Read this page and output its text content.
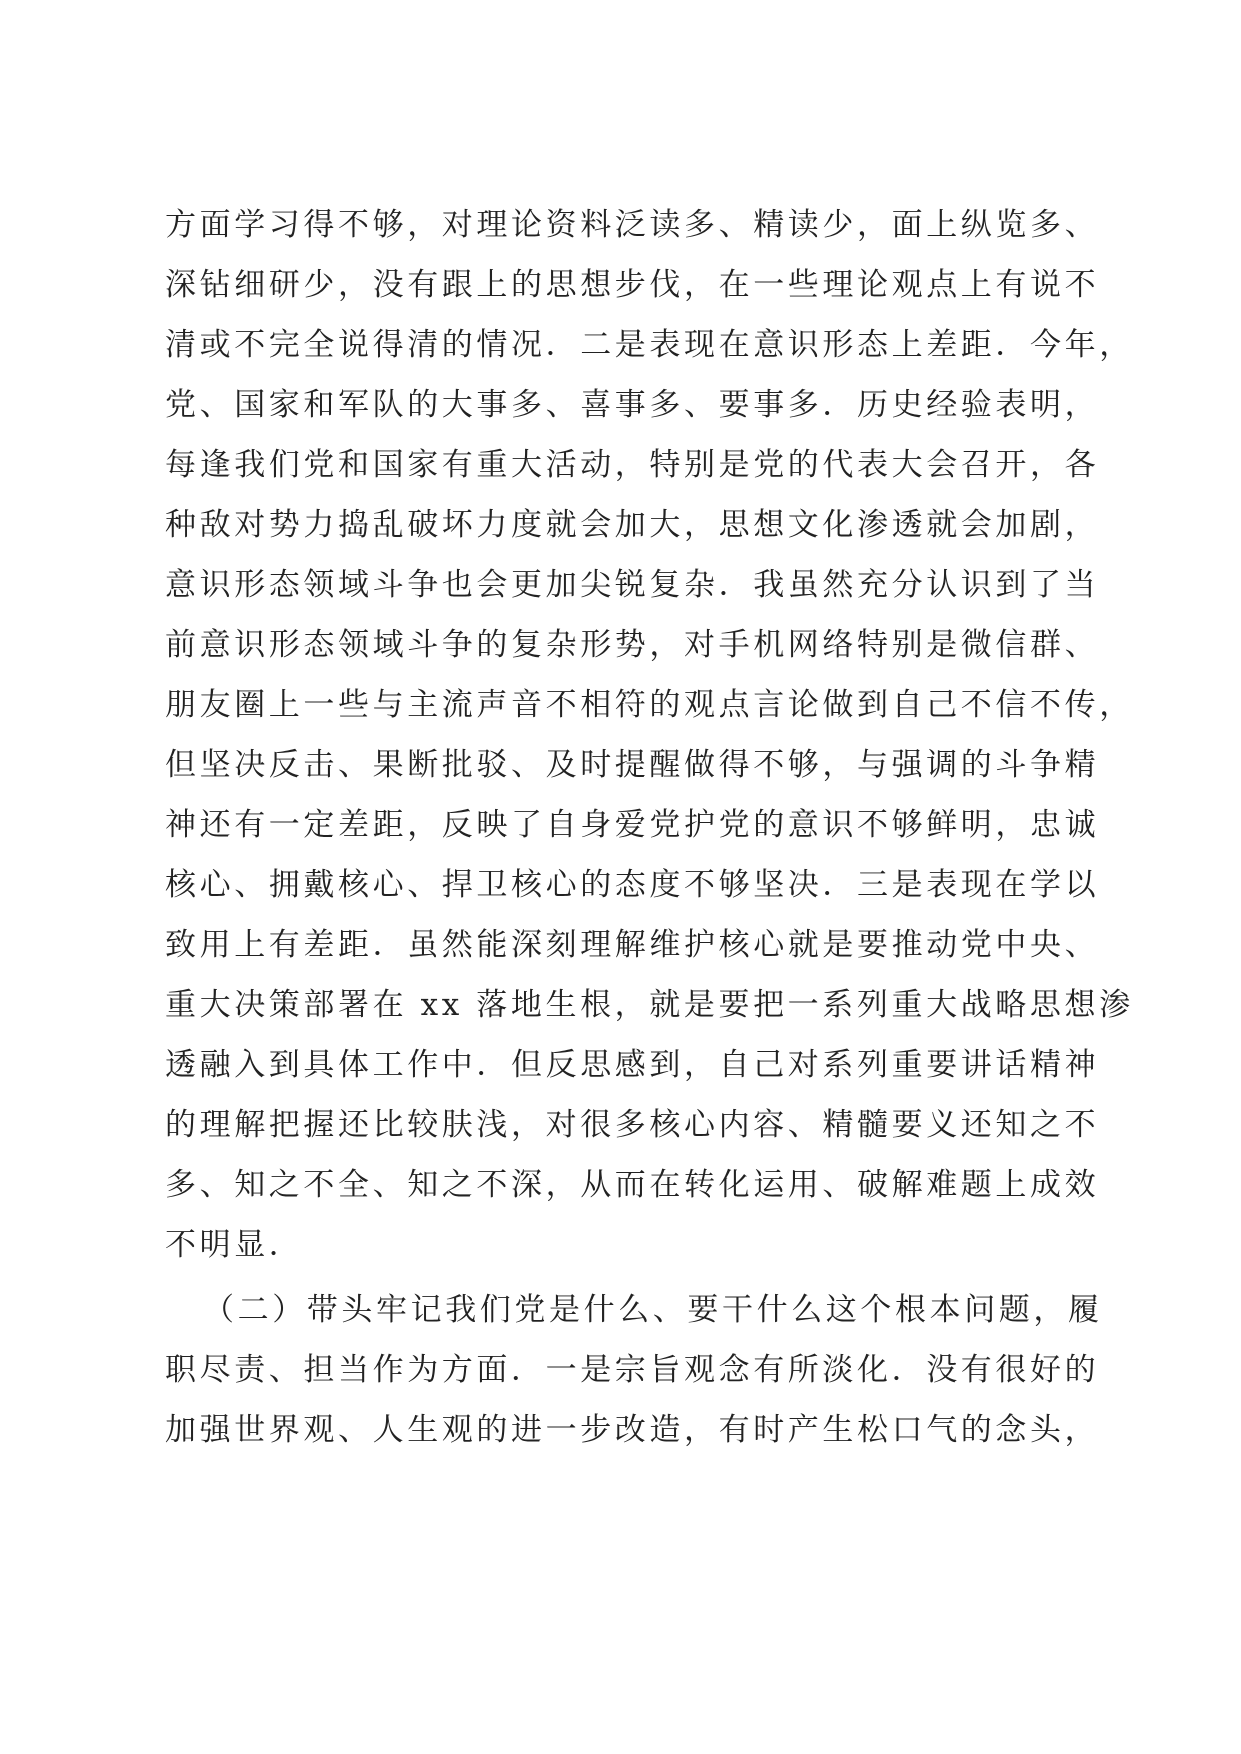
方面学习得不够，对理论资料泛读多、精读少，面上纵览多、
深钻细研少，没有跟上的思想步伐，在一些理论观点上有说不
清或不完全说得清的情况．二是表现在意识形态上差距．今年，
党、国家和军队的大事多、喜事多、要事多．历史经验表明，
每逢我们党和国家有重大活动，特别是党的代表大会召开，各
种敌对势力捣乱破坏力度就会加大，思想文化渗透就会加剧，
意识形态领域斗争也会更加尖锐复杂．我虽然充分认识到了当
前意识形态领域斗争的复杂形势，对手机网络特别是微信群、
朋友圈上一些与主流声音不相符的观点言论做到自己不信不传，
但坚决反击、果断批驳、及时提醒做得不够，与强调的斗争精
神还有一定差距，反映了自身爱党护党的意识不够鲜明，忠诚
核心、拥戴核心、捍卫核心的态度不够坚决．三是表现在学以
致用上有差距．虽然能深刻理解维护核心就是要推动党中央、
重大决策部署在 xx 落地生根，就是要把一系列重大战略思想渗
透融入到具体工作中．但反思感到，自己对系列重要讲话精神
的理解把握还比较肤浅，对很多核心内容、精髓要义还知之不
多、知之不全、知之不深，从而在转化运用、破解难题上成效
不明显．
（二）带头牢记我们党是什么、要干什么这个根本问题，履
职尽责、担当作为方面．一是宗旨观念有所淡化．没有很好的
加强世界观、人生观的进一步改造，有时产生松口气的念头，
